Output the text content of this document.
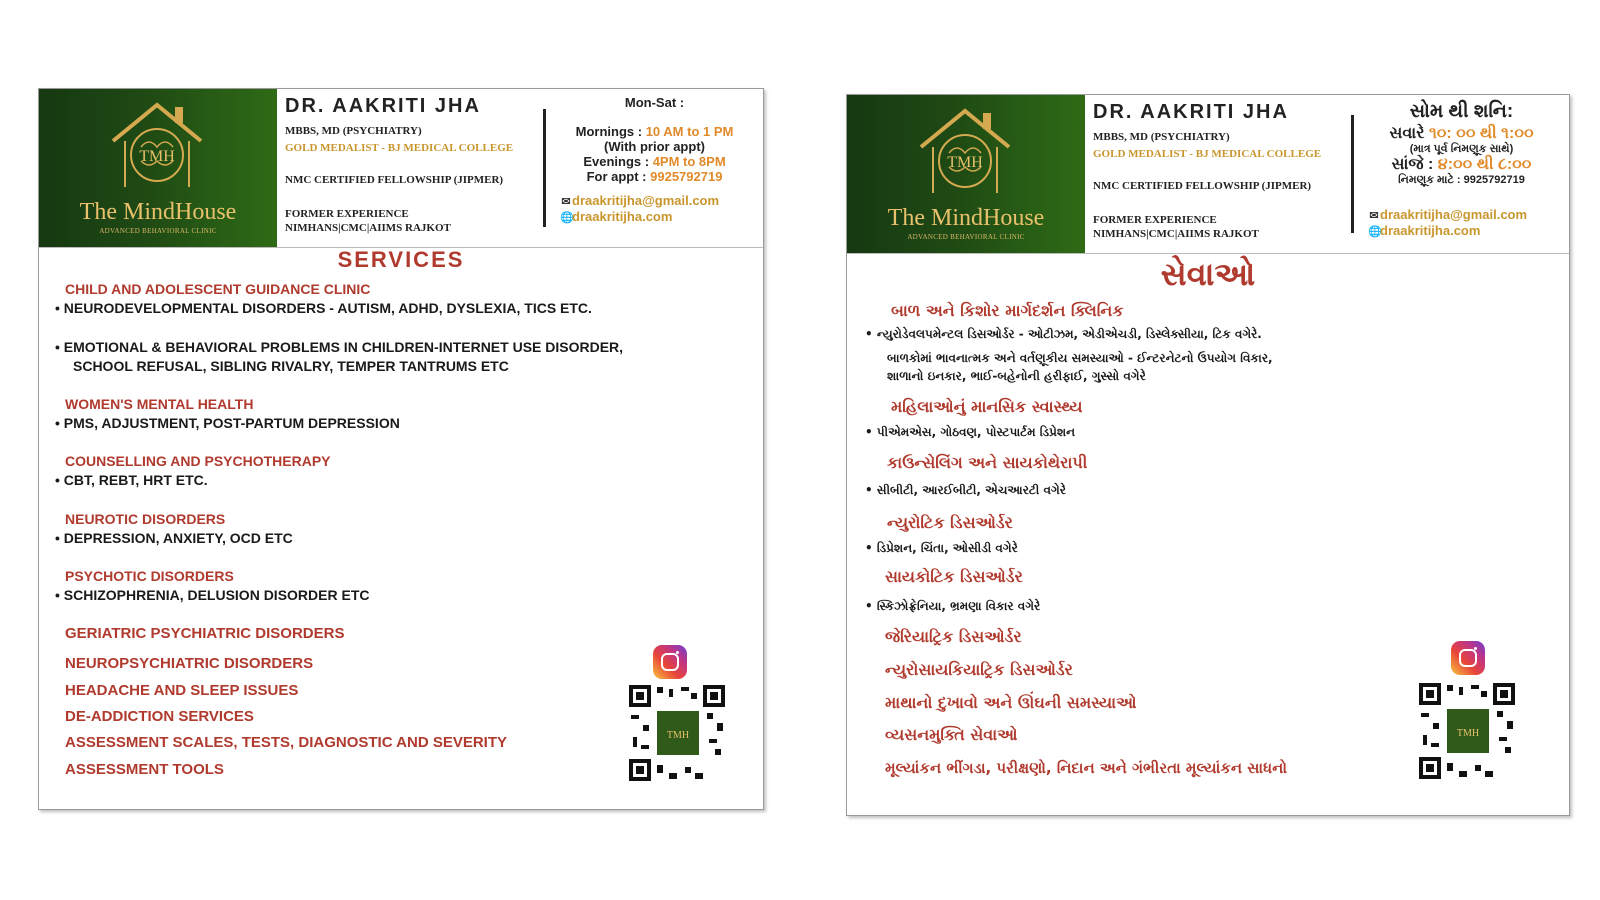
TMH
The MindHouse
ADVANCED BEHAVIORAL CLINIC
DR. AAKRITI JHA
MBBS, MD (PSYCHIATRY)
GOLD MEDALIST - BJ MEDICAL COLLEGE
NMC CERTIFIED FELLOWSHIP (JIPMER)
FORMER EXPERIENCE
NIMHANS|CMC|AIIMS RAJKOT
Mon-Sat :
Mornings : 10 AM to 1 PM
(With prior appt)
Evenings : 4PM to 8PM
For appt : 9925792719
✉draakritijha@gmail.com
🌐draakritijha.com
SERVICES
CHILD AND ADOLESCENT GUIDANCE CLINIC
• NEURODEVELOPMENTAL DISORDERS - AUTISM, ADHD, DYSLEXIA, TICS ETC.
• EMOTIONAL & BEHAVIORAL PROBLEMS IN CHILDREN-INTERNET USE DISORDER,
SCHOOL REFUSAL, SIBLING RIVALRY, TEMPER TANTRUMS ETC
WOMEN'S MENTAL HEALTH
• PMS, ADJUSTMENT, POST-PARTUM DEPRESSION
COUNSELLING AND PSYCHOTHERAPY
• CBT, REBT, HRT ETC.
NEUROTIC DISORDERS
• DEPRESSION, ANXIETY, OCD ETC
PSYCHOTIC DISORDERS
• SCHIZOPHRENIA, DELUSION DISORDER ETC
GERIATRIC PSYCHIATRIC DISORDERS
NEUROPSYCHIATRIC DISORDERS
HEADACHE AND SLEEP ISSUES
DE-ADDICTION SERVICES
ASSESSMENT SCALES, TESTS, DIAGNOSTIC AND SEVERITY
ASSESSMENT TOOLS
TMH
TMH
The MindHouse
ADVANCED BEHAVIORAL CLINIC
DR. AAKRITI JHA
MBBS, MD (PSYCHIATRY)
GOLD MEDALIST - BJ MEDICAL COLLEGE
NMC CERTIFIED FELLOWSHIP (JIPMER)
FORMER EXPERIENCE
NIMHANS|CMC|AIIMS RAJKOT
સોમ થી શનિ:
સવારે ૧૦: ૦૦ થી ૧:૦૦
(માત્ર પૂર્વ નિમણૂક સાથે)
સાંજે : ૪:૦૦ થી ૮:૦૦
નિમણૂક માટે : 9925792719
✉draakritijha@gmail.com
🌐draakritijha.com
સેવાઓ
બાળ અને કિશોર માર્ગદર્શન ક્લિનિક
• ન્યુરોડેવલપમેન્ટલ ડિસઓર્ડર - ઓટીઝમ, એડીએચડી, ડિસ્લેક્સીયા, ટિક વગેરે.
બાળકોમાં ભાવનાત્મક અને વર્તણૂકીય સમસ્યાઓ - ઈન્ટરનેટનો ઉપયોગ વિકાર,
શાળાનો ઇનકાર, ભાઈ-બહેનોની હરીફાઈ, ગુસ્સો વગેરે
મહિલાઓનું માનસિક સ્વાસ્થ્ય
• પીએમએસ, ગોઠવણ, પોસ્ટપાર્ટમ ડિપ્રેશન
કાઉન્સેલિંગ અને સાયકોથેરાપી
• સીબીટી, આરઈબીટી, એચઆરટી વગેરે
ન્યુરોટિક ડિસઓર્ડર
• ડિપ્રેશન, ચિંતા, ઓસીડી વગેરે
સાયકોટિક ડિસઓર્ડર
• સ્કિઝોફ્રેનિયા, ભ્રમણા વિકાર વગેરે
જેરિયાટ્રિક ડિસઓર્ડર
ન્યુરોસાયકિયાટ્રિક ડિસઓર્ડર
માથાનો દુખાવો અને ઊંઘની સમસ્યાઓ
વ્યસનમુક્તિ સેવાઓ
મૂલ્યાંકન ભીંગડા, પરીક્ષણો, નિદાન અને ગંભીરતા મૂલ્યાંકન સાધનો
TMH
